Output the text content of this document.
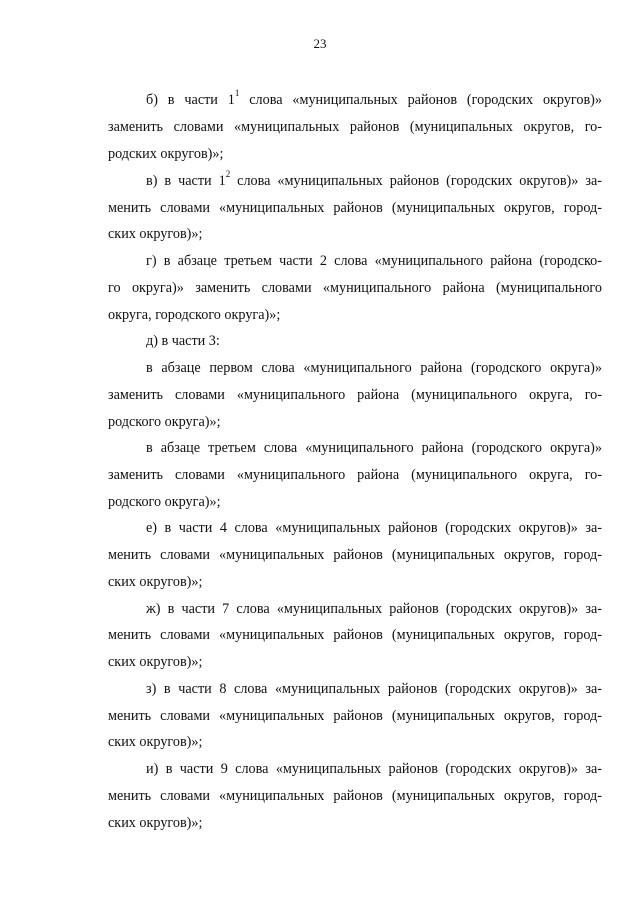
23
б) в части $1^1$ слова «муниципальных районов (городских округов)»
заменить словами «муниципальных районов (муниципальных округов, го-
родских округов)»;
в) в части $1^2$ слова «муниципальных районов (городских округов)» за-
менить словами «муниципальных районов (муниципальных округов, город-
ских округов)»;
г) в абзаце третьем части 2 слова «муниципального района (городско-
го округа)» заменить словами «муниципального района (муниципального
округа, городского округа)»;
д) в части 3:
в абзаце первом слова «муниципального района (городского округа)»
заменить словами «муниципального района (муниципального округа, го-
родского округа)»;
в абзаце третьем слова «муниципального района (городского округа)»
заменить словами «муниципального района (муниципального округа, го-
родского округа)»;
е) в части 4 слова «муниципальных районов (городских округов)» за-
менить словами «муниципальных районов (муниципальных округов, город-
ских округов)»;
ж) в части 7 слова «муниципальных районов (городских округов)» за-
менить словами «муниципальных районов (муниципальных округов, город-
ских округов)»;
з) в части 8 слова «муниципальных районов (городских округов)» за-
менить словами «муниципальных районов (муниципальных округов, город-
ских округов)»;
и) в части 9 слова «муниципальных районов (городских округов)» за-
менить словами «муниципальных районов (муниципальных округов, город-
ских округов)»;
